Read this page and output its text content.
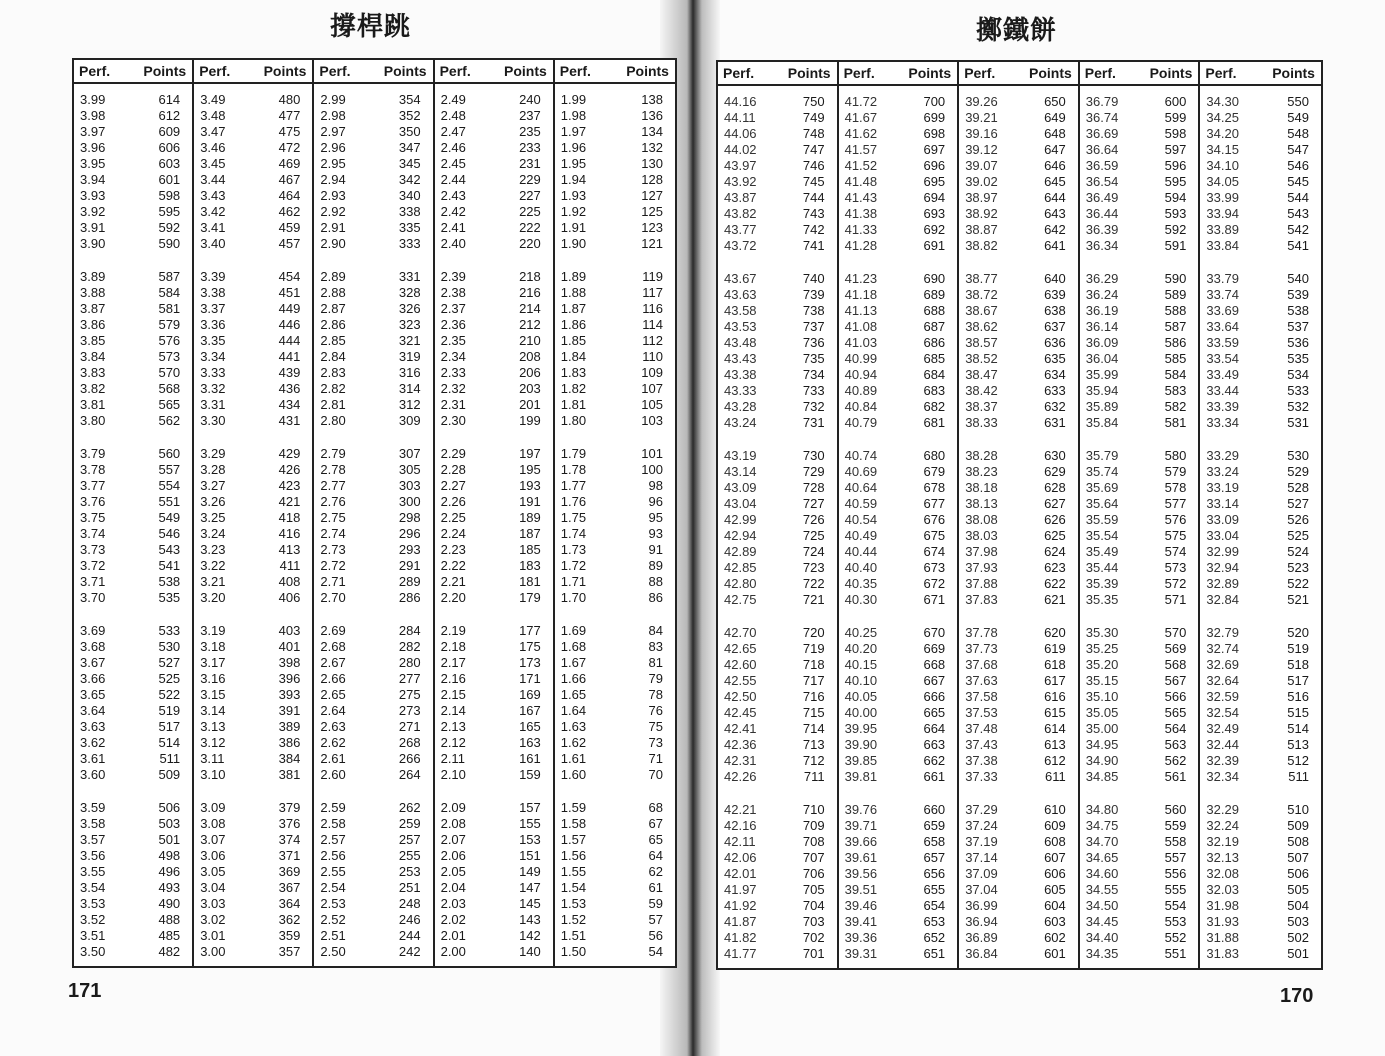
撐桿跳	擲鐵餅
Perf.	Points
3.99	614
3.98	612
3.97	609
3.96	606
3.95	603
3.94	601
3.93	598
3.92	595
3.91	592
3.90	590
3.89	587
3.88	584
3.87	581
3.86	579
3.85	576
3.84	573
3.83	570
3.82	568
3.81	565
3.80	562
3.79	560
3.78	557
3.77	554
3.76	551
3.75	549
3.74	546
3.73	543
3.72	541
3.71	538
3.70	535
3.69	533
3.68	530
3.67	527
3.66	525
3.65	522
3.64	519
3.63	517
3.62	514
3.61	511
3.60	509
3.59	506
3.58	503
3.57	501
3.56	498
3.55	496
3.54	493
3.53	490
3.52	488
3.51	485
3.50	482
Perf.	Points
3.49	480
3.48	477
3.47	475
3.46	472
3.45	469
3.44	467
3.43	464
3.42	462
3.41	459
3.40	457
3.39	454
3.38	451
3.37	449
3.36	446
3.35	444
3.34	441
3.33	439
3.32	436
3.31	434
3.30	431
3.29	429
3.28	426
3.27	423
3.26	421
3.25	418
3.24	416
3.23	413
3.22	411
3.21	408
3.20	406
3.19	403
3.18	401
3.17	398
3.16	396
3.15	393
3.14	391
3.13	389
3.12	386
3.11	384
3.10	381
3.09	379
3.08	376
3.07	374
3.06	371
3.05	369
3.04	367
3.03	364
3.02	362
3.01	359
3.00	357
Perf.	Points
2.99	354
2.98	352
2.97	350
2.96	347
2.95	345
2.94	342
2.93	340
2.92	338
2.91	335
2.90	333
2.89	331
2.88	328
2.87	326
2.86	323
2.85	321
2.84	319
2.83	316
2.82	314
2.81	312
2.80	309
2.79	307
2.78	305
2.77	303
2.76	300
2.75	298
2.74	296
2.73	293
2.72	291
2.71	289
2.70	286
2.69	284
2.68	282
2.67	280
2.66	277
2.65	275
2.64	273
2.63	271
2.62	268
2.61	266
2.60	264
2.59	262
2.58	259
2.57	257
2.56	255
2.55	253
2.54	251
2.53	248
2.52	246
2.51	244
2.50	242
Perf.	Points
2.49	240
2.48	237
2.47	235
2.46	233
2.45	231
2.44	229
2.43	227
2.42	225
2.41	222
2.40	220
2.39	218
2.38	216
2.37	214
2.36	212
2.35	210
2.34	208
2.33	206
2.32	203
2.31	201
2.30	199
2.29	197
2.28	195
2.27	193
2.26	191
2.25	189
2.24	187
2.23	185
2.22	183
2.21	181
2.20	179
2.19	177
2.18	175
2.17	173
2.16	171
2.15	169
2.14	167
2.13	165
2.12	163
2.11	161
2.10	159
2.09	157
2.08	155
2.07	153
2.06	151
2.05	149
2.04	147
2.03	145
2.02	143
2.01	142
2.00	140
Perf.	Points
1.99	138
1.98	136
1.97	134
1.96	132
1.95	130
1.94	128
1.93	127
1.92	125
1.91	123
1.90	121
1.89	119
1.88	117
1.87	116
1.86	114
1.85	112
1.84	110
1.83	109
1.82	107
1.81	105
1.80	103
1.79	101
1.78	100
1.77	98
1.76	96
1.75	95
1.74	93
1.73	91
1.72	89
1.71	88
1.70	86
1.69	84
1.68	83
1.67	81
1.66	79
1.65	78
1.64	76
1.63	75
1.62	73
1.61	71
1.60	70
1.59	68
1.58	67
1.57	65
1.56	64
1.55	62
1.54	61
1.53	59
1.52	57
1.51	56
1.50	54
Perf.	Points
44.16	750
44.11	749
44.06	748
44.02	747
43.97	746
43.92	745
43.87	744
43.82	743
43.77	742
43.72	741
43.67	740
43.63	739
43.58	738
43.53	737
43.48	736
43.43	735
43.38	734
43.33	733
43.28	732
43.24	731
43.19	730
43.14	729
43.09	728
43.04	727
42.99	726
42.94	725
42.89	724
42.85	723
42.80	722
42.75	721
42.70	720
42.65	719
42.60	718
42.55	717
42.50	716
42.45	715
42.41	714
42.36	713
42.31	712
42.26	711
42.21	710
42.16	709
42.11	708
42.06	707
42.01	706
41.97	705
41.92	704
41.87	703
41.82	702
41.77	701
Perf.	Points
41.72	700
41.67	699
41.62	698
41.57	697
41.52	696
41.48	695
41.43	694
41.38	693
41.33	692
41.28	691
41.23	690
41.18	689
41.13	688
41.08	687
41.03	686
40.99	685
40.94	684
40.89	683
40.84	682
40.79	681
40.74	680
40.69	679
40.64	678
40.59	677
40.54	676
40.49	675
40.44	674
40.40	673
40.35	672
40.30	671
40.25	670
40.20	669
40.15	668
40.10	667
40.05	666
40.00	665
39.95	664
39.90	663
39.85	662
39.81	661
39.76	660
39.71	659
39.66	658
39.61	657
39.56	656
39.51	655
39.46	654
39.41	653
39.36	652
39.31	651
Perf.	Points
39.26	650
39.21	649
39.16	648
39.12	647
39.07	646
39.02	645
38.97	644
38.92	643
38.87	642
38.82	641
38.77	640
38.72	639
38.67	638
38.62	637
38.57	636
38.52	635
38.47	634
38.42	633
38.37	632
38.33	631
38.28	630
38.23	629
38.18	628
38.13	627
38.08	626
38.03	625
37.98	624
37.93	623
37.88	622
37.83	621
37.78	620
37.73	619
37.68	618
37.63	617
37.58	616
37.53	615
37.48	614
37.43	613
37.38	612
37.33	611
37.29	610
37.24	609
37.19	608
37.14	607
37.09	606
37.04	605
36.99	604
36.94	603
36.89	602
36.84	601
Perf.	Points
36.79	600
36.74	599
36.69	598
36.64	597
36.59	596
36.54	595
36.49	594
36.44	593
36.39	592
36.34	591
36.29	590
36.24	589
36.19	588
36.14	587
36.09	586
36.04	585
35.99	584
35.94	583
35.89	582
35.84	581
35.79	580
35.74	579
35.69	578
35.64	577
35.59	576
35.54	575
35.49	574
35.44	573
35.39	572
35.35	571
35.30	570
35.25	569
35.20	568
35.15	567
35.10	566
35.05	565
35.00	564
34.95	563
34.90	562
34.85	561
34.80	560
34.75	559
34.70	558
34.65	557
34.60	556
34.55	555
34.50	554
34.45	553
34.40	552
34.35	551
Perf.	Points
34.30	550
34.25	549
34.20	548
34.15	547
34.10	546
34.05	545
33.99	544
33.94	543
33.89	542
33.84	541
33.79	540
33.74	539
33.69	538
33.64	537
33.59	536
33.54	535
33.49	534
33.44	533
33.39	532
33.34	531
33.29	530
33.24	529
33.19	528
33.14	527
33.09	526
33.04	525
32.99	524
32.94	523
32.89	522
32.84	521
32.79	520
32.74	519
32.69	518
32.64	517
32.59	516
32.54	515
32.49	514
32.44	513
32.39	512
32.34	511
32.29	510
32.24	509
32.19	508
32.13	507
32.08	506
32.03	505
31.98	504
31.93	503
31.88	502
31.83	501
171	170
